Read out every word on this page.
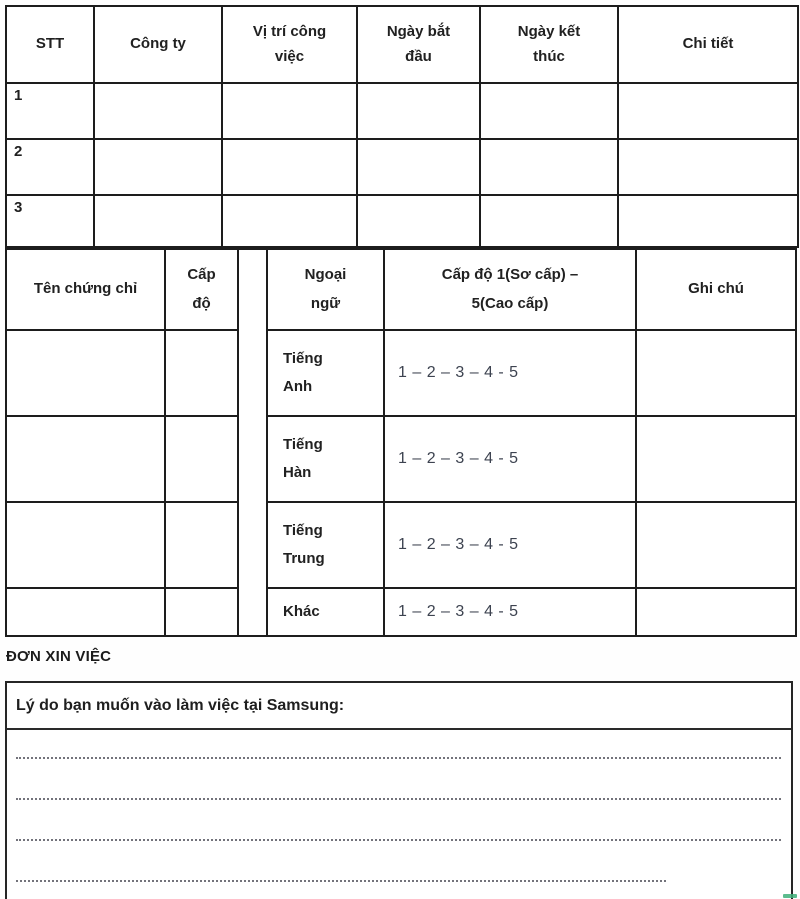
STT	Công ty	Vị trí công việc	Ngày bắt đầu	Ngày kết thúc	Chi tiết
1					
2					
3					
Tên chứng chỉ	Cấp độ		Ngoại ngữ	Cấp độ 1(Sơ cấp) – 5(Cao cấp)	Ghi chú
			Tiếng Anh	1 – 2 – 3 – 4 - 5	
			Tiếng Hàn	1 – 2 – 3 – 4 - 5	
			Tiếng Trung	1 – 2 – 3 – 4 - 5	
			Khác	1 – 2 – 3 – 4 - 5	
ĐƠN XIN VIỆC
Lý do bạn muốn vào làm việc tại Samsung:
